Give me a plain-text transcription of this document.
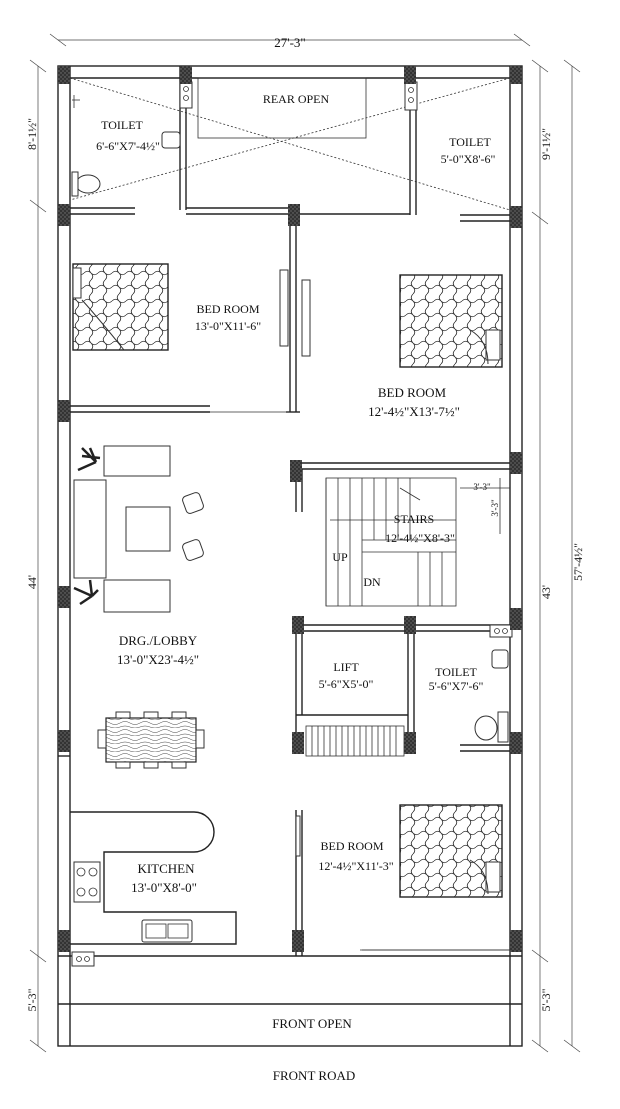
27'-3"
8'-1½"	9'-1½"
44'
43'
57'-4½"
5'-3"	5'-3"
REAR OPEN
TOILET
6'-6"X7'-4½"	TOILET
5'-0"X8'-6"
STAIRS
12'-4½"X8'-3"
UP
DN
3'-3"
3'-3"
BED ROOM
13'-0"X11'-6"
BED ROOM
12'-4½"X13'-7½"
BED ROOM
12'-4½"X11'-3"
DRG./LOBBY
13'-0"X23'-4½"	LIFT
5'-6"X5'-0"
TOILET
5'-6"X7'-6"
KITCHEN
13'-0"X8'-0"
FRONT OPEN
FRONT ROAD
